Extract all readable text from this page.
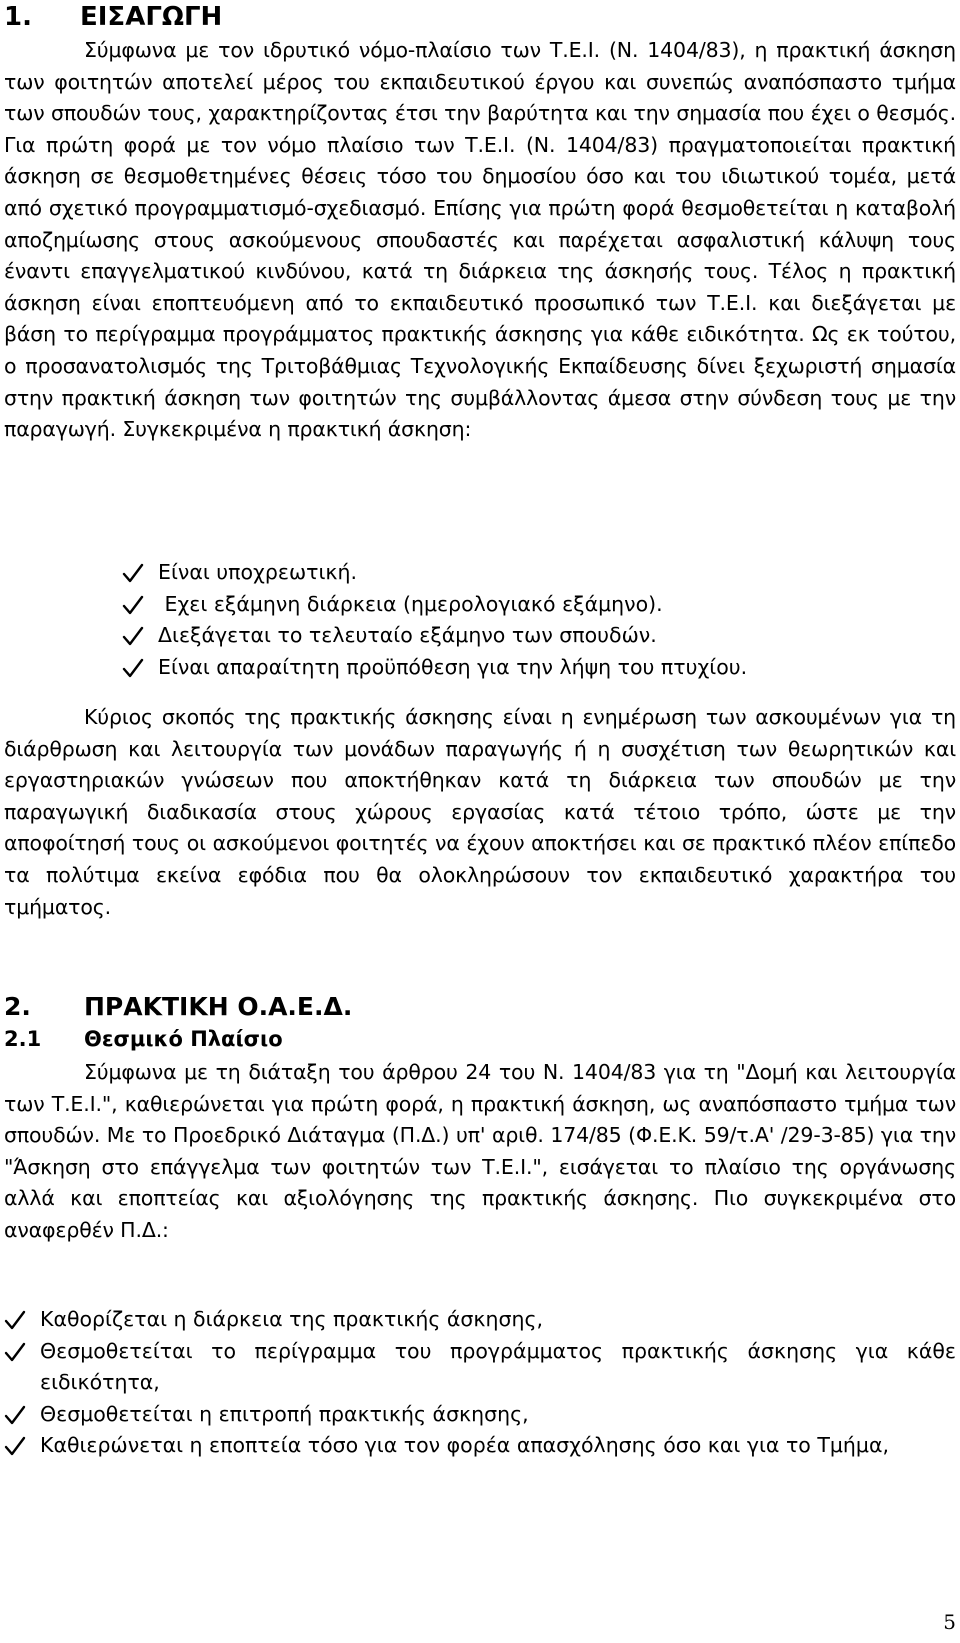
1. ΕΙΣΑΓΩΓΗ

Σύμφωνα με τον ιδρυτικό νόμο-πλαίσιο των Τ.Ε.Ι. (Ν. 1404/83), η πρακτική άσκηση των φοιτητών αποτελεί μέρος του εκπαιδευτικού έργου και συνεπώς αναπόσπαστο τμήμα των σπουδών τους, χαρακτηρίζοντας έτσι την βαρύτητα και την σημασία που έχει ο θεσμός. Για πρώτη φορά με τον νόμο πλαίσιο των Τ.Ε.Ι. (Ν. 1404/83) πραγματοποιείται πρακτική άσκηση σε θεσμοθετημένες θέσεις τόσο του δημοσίου όσο και του ιδιωτικού τομέα, μετά από σχετικό προγραμματισμό-σχεδιασμό. Επίσης για πρώτη φορά θεσμοθετείται η καταβολή αποζημίωσης στους ασκούμενους σπουδαστές και παρέχεται ασφαλιστική κάλυψη τους έναντι επαγγελματικού κινδύνου, κατά τη διάρκεια της άσκησής τους. Τέλος η πρακτική άσκηση είναι εποπτευόμενη από το εκπαιδευτικό προσωπικό των Τ.Ε.Ι. και διεξάγεται με βάση το περίγραμμα προγράμματος πρακτικής άσκησης για κάθε ειδικότητα. Ως εκ τούτου, ο προσανατολισμός της Τριτοβάθμιας Τεχνολογικής Εκπαίδευσης δίνει ξεχωριστή σημασία στην πρακτική άσκηση των φοιτητών της συμβάλλοντας άμεσα στην σύνδεση τους με την παραγωγή. Συγκεκριμένα η πρακτική άσκηση:

Είναι υποχρεωτική.
Εχει εξάμηνη διάρκεια (ημερολογιακό εξάμηνο).
Διεξάγεται το τελευταίο εξάμηνο των σπουδών.
Είναι απαραίτητη προϋπόθεση για την λήψη του πτυχίου.

Κύριος σκοπός της πρακτικής άσκησης είναι η ενημέρωση των ασκουμένων για τη διάρθρωση και λειτουργία των μονάδων παραγωγής ή η συσχέτιση των θεωρητικών και εργαστηριακών γνώσεων που αποκτήθηκαν κατά τη διάρκεια των σπουδών με την παραγωγική διαδικασία στους χώρους εργασίας κατά τέτοιο τρόπο, ώστε με την αποφοίτησή τους οι ασκούμενοι φοιτητές να έχουν αποκτήσει και σε πρακτικό πλέον επίπεδο τα πολύτιμα εκείνα εφόδια που θα ολοκληρώσουν τον εκπαιδευτικό χαρακτήρα του τμήματος.

2. ΠΡΑΚΤΙΚΗ Ο.Α.Ε.Δ.
2.1 Θεσμικό Πλαίσιο

Σύμφωνα με τη διάταξη του άρθρου 24 του Ν. 1404/83 για τη "Δομή και λειτουργία των Τ.Ε.Ι.", καθιερώνεται για πρώτη φορά, η πρακτική άσκηση, ως αναπόσπαστο τμήμα των σπουδών. Με το Προεδρικό Διάταγμα (Π.Δ.) υπ' αριθ. 174/85 (Φ.Ε.Κ. 59/τ.Α' /29-3-85) για την "Άσκηση στο επάγγελμα των φοιτητών των Τ.Ε.Ι.", εισάγεται το πλαίσιο της οργάνωσης αλλά και εποπτείας και αξιολόγησης της πρακτικής άσκησης. Πιο συγκεκριμένα στο αναφερθέν Π.Δ.:

Καθορίζεται η διάρκεια της πρακτικής άσκησης,
Θεσμοθετείται το περίγραμμα του προγράμματος πρακτικής άσκησης για κάθε ειδικότητα,
Θεσμοθετείται η επιτροπή πρακτικής άσκησης,
Καθιερώνεται η εποπτεία τόσο για τον φορέα απασχόλησης όσο και για το Τμήμα,
5
